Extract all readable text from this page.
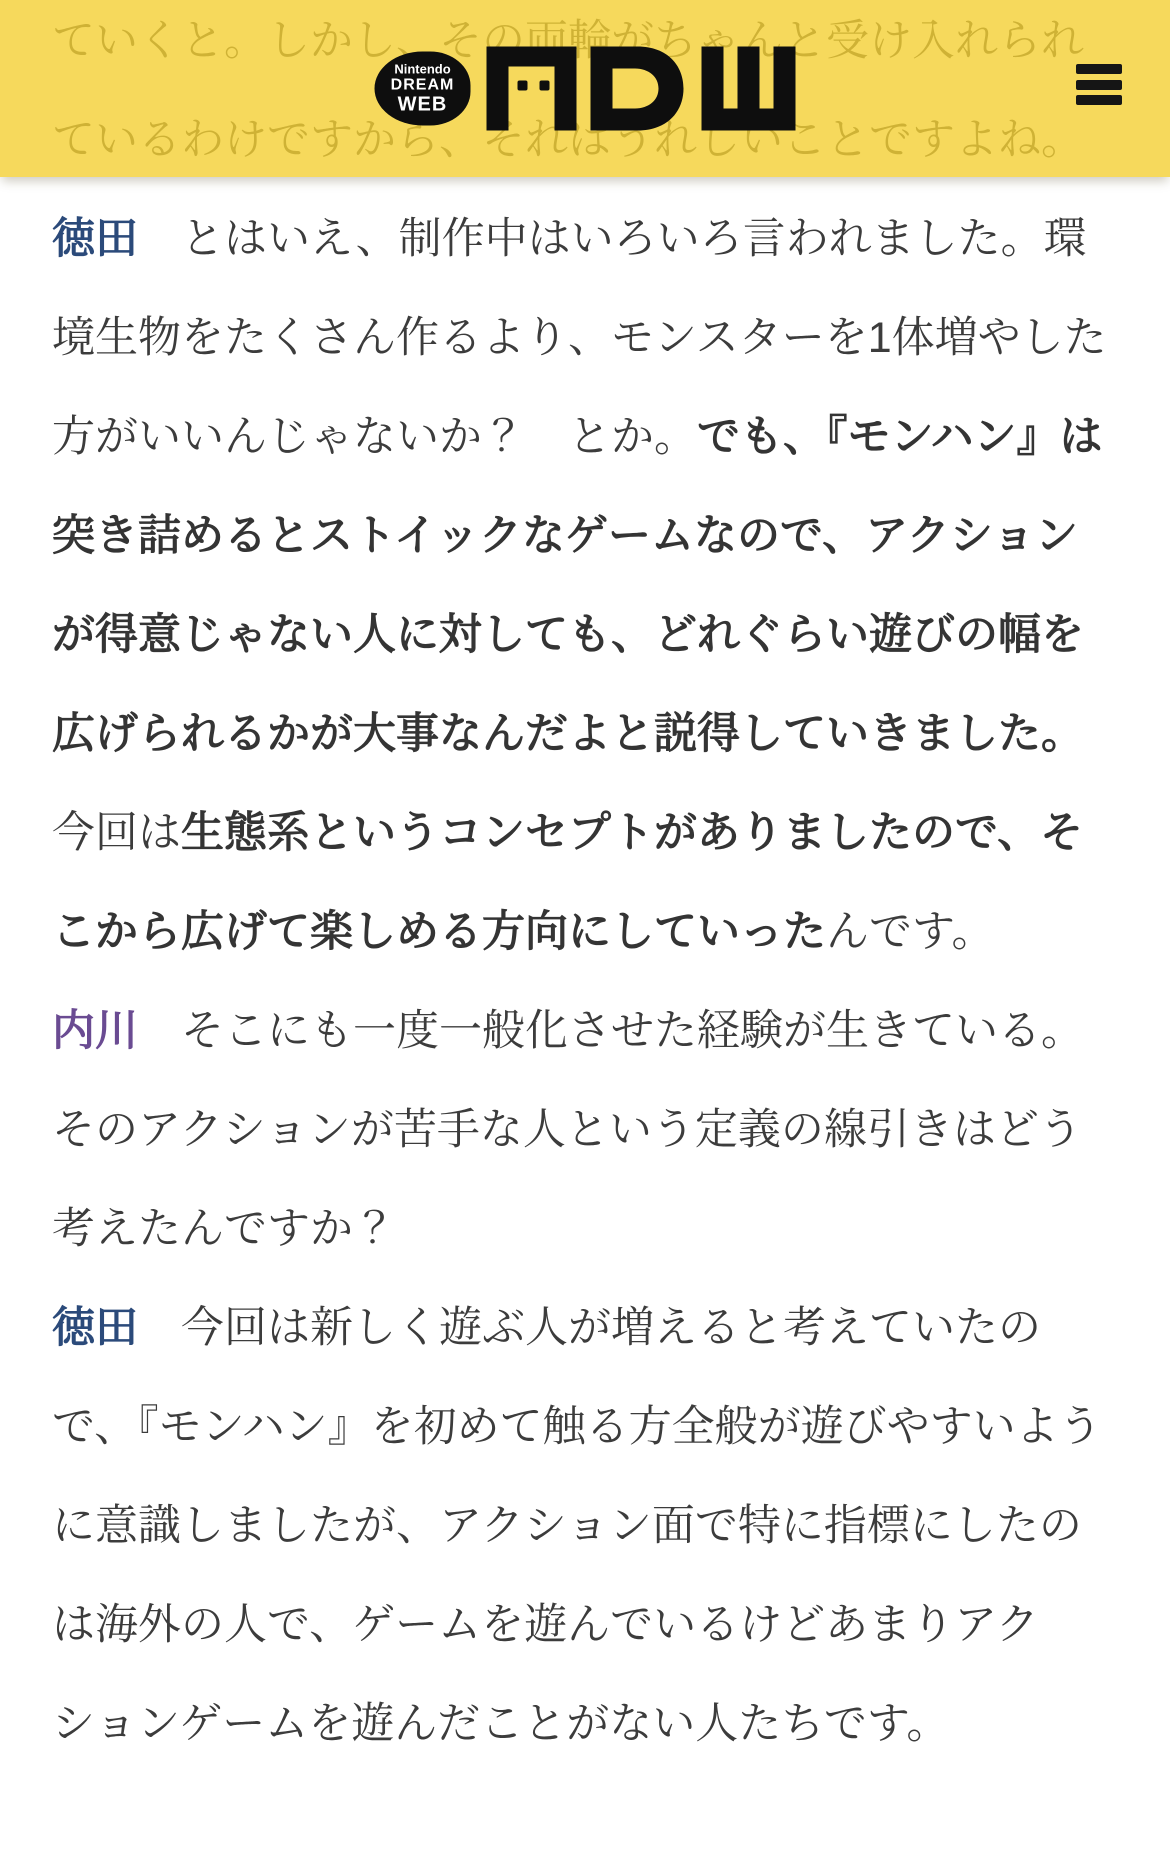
徳田　とはいえ、制作中はいろいろ言われました。環境生物をたくさん作るより、モンスターを1体増やした方がいいんじゃないか？　とか。でも、『モンハン』は突き詰めるとストイックなゲームなので、アクションが得意じゃない人に対しても、どれぐらい遊びの幅を広げられるかが大事なんだよと説得していきました。今回は生態系というコンセプトがありましたので、そこから広げて楽しめる方向にしていったんです。

内川　そこにも一度一般化させた経験が生きている。そのアクションが苦手な人という定義の線引きはどう考えたんですか？

徳田　今回は新しく遊ぶ人が増えると考えていたので、『モンハン』を初めて触る方全般が遊びやすいように意識しましたが、アクション面で特に指標にしたのは海外の人で、ゲームを遊んでいるけどあまりアクションゲームを遊んだことがない人たちです。

Nintendo
DREAM
WEB
